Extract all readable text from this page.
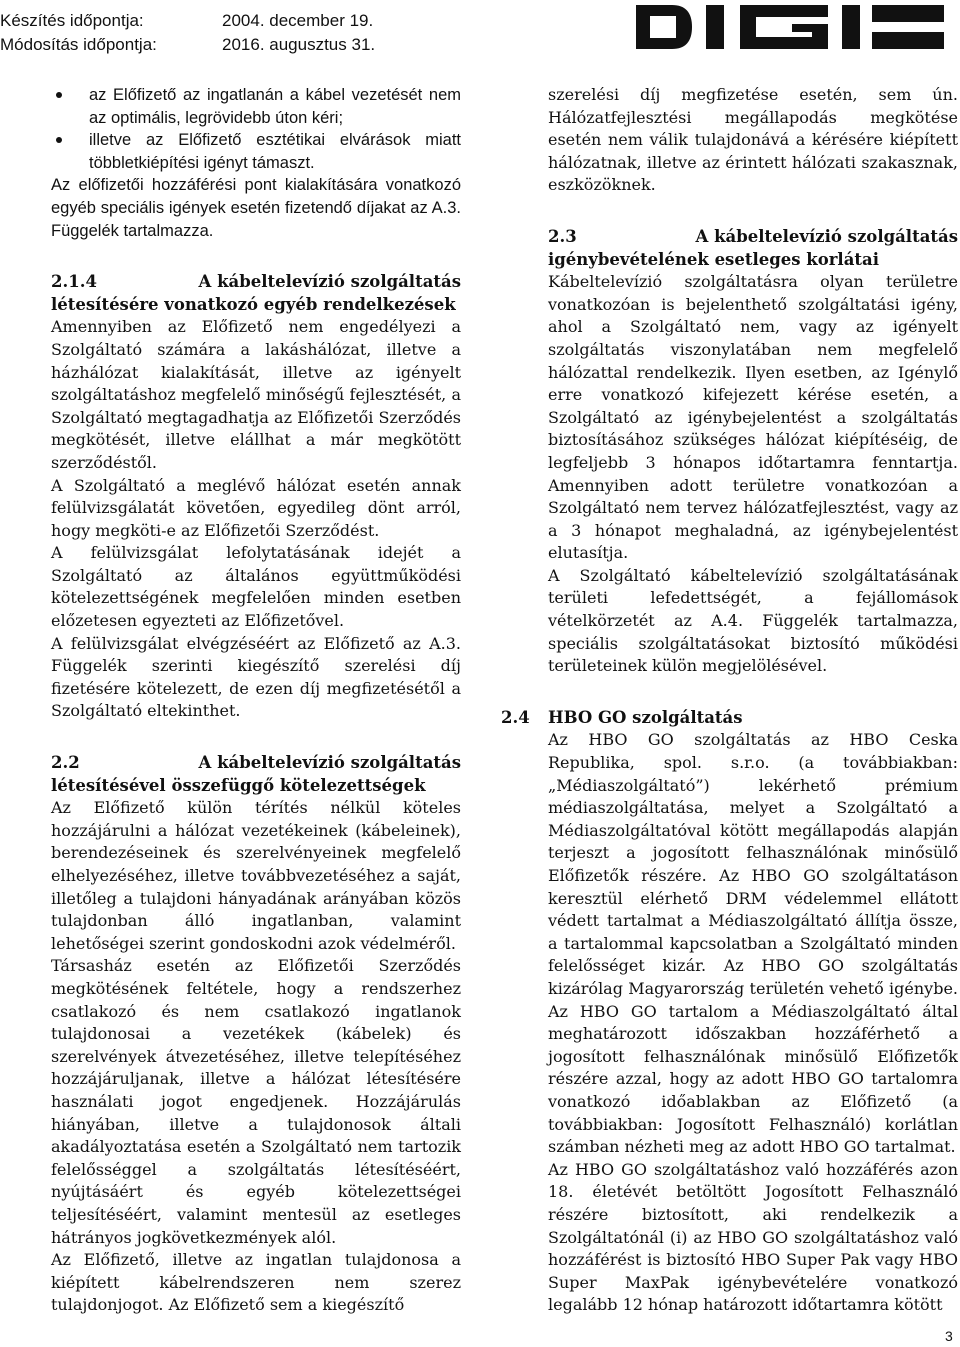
Készítés időpontja:	2004. december 19.
Módosítás időpontja:	2016. augusztus 31.
az Előfizető az ingatlanán a kábel vezetését nem az optimális, legrövidebb úton kéri;
illetve az Előfizető esztétikai elvárások miatt többletkiépítési igényt támaszt.

Az előfizetői hozzáférési pont kialakítására vonatkozó egyéb speciális igények esetén fizetendő díjakat az A.3. Függelék tartalmazza.

2.1.4	A kábeltelevízió szolgáltatás
létesítésére vonatkozó egyéb rendelkezések

Amennyiben az Előfizető nem engedélyezi a Szolgáltató számára a lakáshálózat, illetve a házhálózat kialakítását, illetve az igényelt szolgáltatáshoz megfelelő minőségű fejlesztését, a Szolgáltató megtagadhatja az Előfizetői Szerződés megkötését, illetve elállhat a már megkötött szerződéstől.

A Szolgáltató a meglévő hálózat esetén annak felülvizsgálatát követően, egyedileg dönt arról, hogy megköti-e az Előfizetői Szerződést.

A felülvizsgálat lefolytatásának idejét a Szolgáltató az általános együttműködési kötelezettségének megfelelően minden esetben előzetesen egyezteti az Előfizetővel.

A felülvizsgálat elvégzéséért az Előfizető az A.3. Függelék szerinti kiegészítő szerelési díj fizetésére kötelezett, de ezen díj megfizetésétől a Szolgáltató eltekinthet.

2.2	A kábeltelevízió szolgáltatás
létesítésével összefüggő kötelezettségek

Az Előfizető külön térítés nélkül köteles hozzájárulni a hálózat vezetékeinek (kábeleinek), berendezéseinek és szerelvényeinek megfelelő elhelyezéséhez, illetve továbbvezetéséhez a saját, illetőleg a tulajdoni hányadának arányában közös tulajdonban álló ingatlanban, valamint lehetőségei szerint gondoskodni azok védelméről.

Társasház esetén az Előfizetői Szerződés megkötésének feltétele, hogy a rendszerhez csatlakozó és nem csatlakozó ingatlanok tulajdonosai a vezetékek (kábelek) és szerelvények átvezetéséhez, illetve telepítéséhez hozzájáruljanak, illetve a hálózat létesítésére használati jogot engedjenek. Hozzájárulás hiányában, illetve a tulajdonosok általi akadályoztatása esetén a Szolgáltató nem tartozik felelősséggel a szolgáltatás létesítéséért, nyújtásáért és egyéb kötelezettségei teljesítéséért, valamint mentesül az esetleges hátrányos jogkövetkezmények alól.

Az Előfizető, illetve az ingatlan tulajdonosa a kiépített kábelrendszeren nem szerez tulajdonjogot. Az Előfizető sem a kiegészítő

szerelési díj megfizetése esetén, sem ún. Hálózatfejlesztési megállapodás megkötése esetén nem válik tulajdonává a kérésére kiépített hálózatnak, illetve az érintett hálózati szakasznak, eszközöknek.

2.3	A kábeltelevízió szolgáltatás
igénybevételének esetleges korlátai

Kábeltelevízió szolgáltatásra olyan területre vonatkozóan is bejelenthető szolgáltatási igény, ahol a Szolgáltató nem, vagy az igényelt szolgáltatás viszonylatában nem megfelelő hálózattal rendelkezik. Ilyen esetben, az Igénylő erre vonatkozó kifejezett kérése esetén, a Szolgáltató az igénybejelentést a szolgáltatás biztosításához szükséges hálózat kiépítéséig, de legfeljebb 3 hónapos időtartamra fenntartja. Amennyiben adott területre vonatkozóan a Szolgáltató nem tervez hálózatfejlesztést, vagy az a 3 hónapot meghaladná, az igénybejelentést elutasítja.

A Szolgáltató kábeltelevízió szolgáltatásának területi lefedettségét, a fejállomások vételkörzetét az A.4. Függelék tartalmazza, speciális szolgáltatásokat biztosító működési területeinek külön megjelölésével.

2.4 HBO GO szolgáltatás

Az HBO GO szolgáltatás az HBO Ceska Republika, spol. s.r.o. (a továbbiakban: „Médiaszolgáltató”) lekérhető prémium médiaszolgáltatása, melyet a Szolgáltató a Médiaszolgáltatóval kötött megállapodás alapján terjeszt a jogosított felhasználónak minősülő Előfizetők részére. Az HBO GO szolgáltatáson keresztül elérhető DRM védelemmel ellátott védett tartalmat a Médiaszolgáltató állítja össze, a tartalommal kapcsolatban a Szolgáltató minden felelősséget kizár. Az HBO GO szolgáltatás kizárólag Magyarország területén vehető igénybe. Az HBO GO tartalom a Médiaszolgáltató által meghatározott időszakban hozzáférhető a jogosított felhasználónak minősülő Előfizetők részére azzal, hogy az adott HBO GO tartalomra vonatkozó időablakban az Előfizető (a továbbiakban: Jogosított Felhasználó) korlátlan számban nézheti meg az adott HBO GO tartalmat.

Az HBO GO szolgáltatáshoz való hozzáférés azon 18. életévét betöltött Jogosított Felhasználó részére biztosított, aki rendelkezik a Szolgáltatónál (i) az HBO GO szolgáltatáshoz való hozzáférést is biztosító HBO Super Pak vagy HBO Super MaxPak igénybevételére vonatkozó legalább 12 hónap határozott időtartamra kötött

3
